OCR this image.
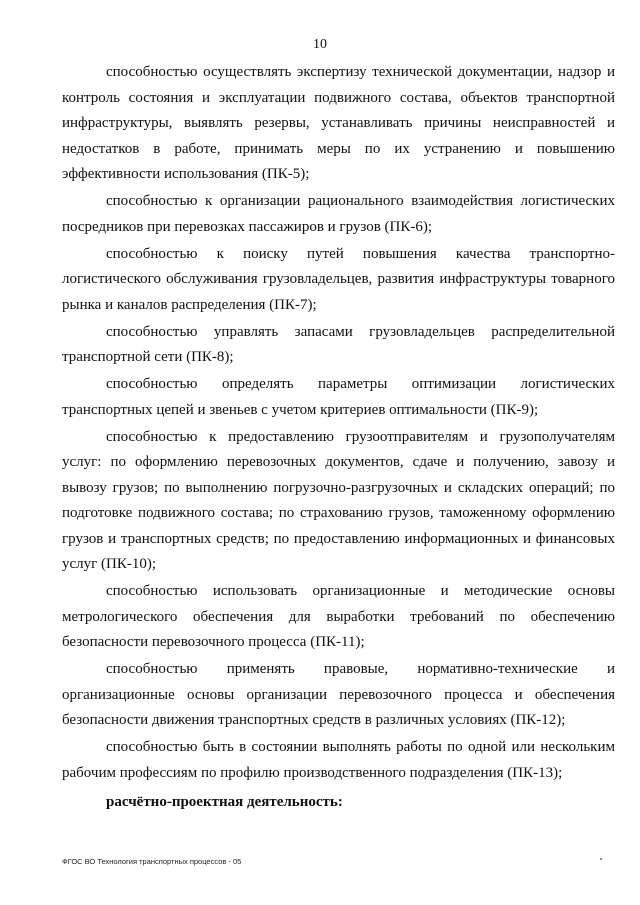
10

способностью осуществлять экспертизу технической документации, надзор и контроль состояния и эксплуатации подвижного состава, объектов транспортной инфраструктуры, выявлять резервы, устанавливать причины неисправностей и недостатков в работе, принимать меры по их устранению и повышению эффективности использования (ПК-5);

способностью к организации рационального взаимодействия логистических посредников при перевозках пассажиров и грузов (ПК-6);

способностью к поиску путей повышения качества транспортно-логистического обслуживания грузовладельцев, развития инфраструктуры товарного рынка и каналов распределения (ПК-7);

способностью управлять запасами грузовладельцев распределительной транспортной сети (ПК-8);

способностью определять параметры оптимизации логистических транспортных цепей и звеньев с учетом критериев оптимальности (ПК-9);

способностью к предоставлению грузоотправителям и грузополучателям услуг: по оформлению перевозочных документов, сдаче и получению, завозу и вывозу грузов; по выполнению погрузочно-разгрузочных и складских операций; по подготовке подвижного состава; по страхованию грузов, таможенному оформлению грузов и транспортных средств; по предоставлению информационных и финансовых услуг (ПК-10);

способностью использовать организационные и методические основы метрологического обеспечения для выработки требований по обеспечению безопасности перевозочного процесса (ПК-11);

способностью применять правовые, нормативно-технические и организационные основы организации перевозочного процесса и обеспечения безопасности движения транспортных средств в различных условиях (ПК-12);

способностью быть в состоянии выполнять работы по одной или нескольким рабочим профессиям по профилю производственного подразделения (ПК-13);

расчётно-проектная деятельность:

ФГОС ВО Технология транспортных процессов - 05
